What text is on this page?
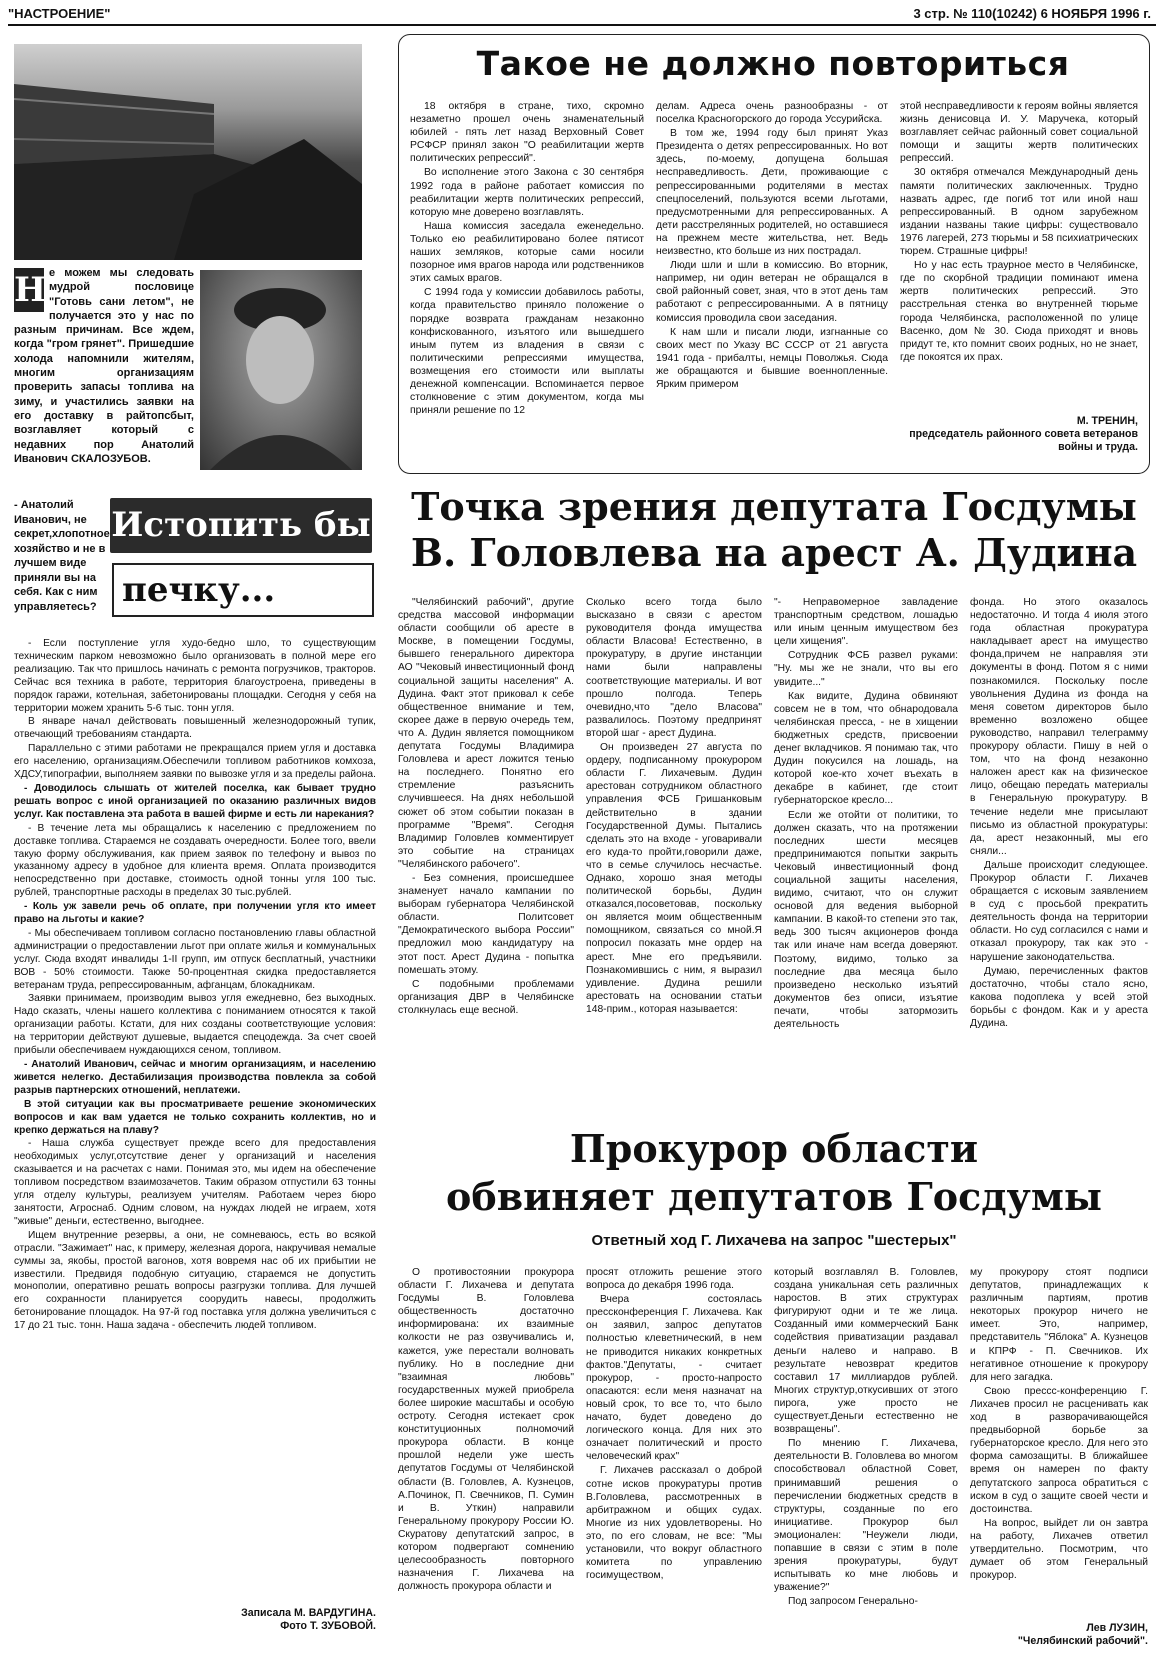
"НАСТРОЕНИЕ"	3 стр. № 110(10242) 6 НОЯБРЯ 1996 г.
Н е можем мы следовать мудрой пословице "Готовь сани летом", не получается это у нас по разным причинам. Все ждем, когда "гром грянет". Пришедшие холода напомнили жителям, многим организациям проверить запасы топлива на зиму, и участились заявки на его доставку в райтопсбыт, возглавляет который с недавних пор Анатолий Иванович СКАЛОЗУБОВ.
- Анатолий Иванович, не секрет,хлопотное хозяйство и не в лучшем виде приняли вы на себя. Как с ним управляетесь?
Истопить бы
печку...

- Если поступление угля худо-бедно шло, то существующим техническим парком невозможно было организовать в полной мере его реализацию. Так что пришлось начинать с ремонта погрузчиков, тракторов. Сейчас вся техника в работе, территория благоустроена, приведены в порядок гаражи, котельная, забетонированы площадки. Сегодня у себя на территории можем хранить 5-6 тыс. тонн угля.

В январе начал действовать повышенный железнодорожный тупик, отвечающий требованиям стандарта.

Параллельно с этими работами не прекращался прием угля и доставка его населению, организациям.Обеспечили топливом работников комхоза, ХДСУ,типографии, выполняем заявки по вывозке угля и за пределы района.

- Доводилось слышать от жителей поселка, как бывает трудно решать вопрос с иной организацией по оказанию различных видов услуг. Как поставлена эта работа в вашей фирме и есть ли нарекания?

- В течение лета мы обращались к населению с предложением по доставке топлива. Стараемся не создавать очередности. Более того, ввели такую форму обслуживания, как прием заявок по телефону и вывоз по указанному адресу в удобное для клиента время. Оплата производится непосредственно при доставке, стоимость одной тонны угля 100 тыс. рублей, транспортные расходы в пределах 30 тыс.рублей.

- Коль уж завели речь об оплате, при получении угля кто имеет право на льготы и какие?

- Мы обеспечиваем топливом согласно постановлению главы областной администрации о предоставлении льгот при оплате жилья и коммунальных услуг. Сюда входят инвалиды 1-II групп, им отпуск бесплатный, участники ВОВ - 50% стоимости. Также 50-процентная скидка предоставляется ветеранам труда, репрессированным, афганцам, блокадникам.

Заявки принимаем, производим вывоз угля ежедневно, без выходных. Надо сказать, члены нашего коллектива с пониманием относятся к такой организации работы. Кстати, для них созданы соответствующие условия: на территории действуют душевые, выдается спецодежда. За счет своей прибыли обеспечиваем нуждающихся сеном, топливом.

- Анатолий Иванович, сейчас и многим организациям, и населению живется нелегко. Дестабилизация производства повлекла за собой разрыв партнерских отношений, неплатежи.

В этой ситуации как вы просматриваете решение экономических вопросов и как вам удается не только сохранить коллектив, но и крепко держаться на плаву?

- Наша служба существует прежде всего для предоставления необходимых услуг,отсутствие денег у организаций и населения сказывается и на расчетах с нами. Понимая это, мы идем на обеспечение топливом посредством взаимозачетов. Таким образом отпустили 63 тонны угля отделу культуры, реализуем учителям. Работаем через бюро занятости, Агроснаб. Одним словом, на нуждах людей не играем, хотя "живые" деньги, естественно, выгоднее.

Ищем внутренние резервы, а они, не сомневаюсь, есть во всякой отрасли. "Зажимает" нас, к примеру, железная дорога, накручивая немалые суммы за, якобы, простой вагонов, хотя вовремя нас об их прибытии не известили. Предвидя подобную ситуацию, стараемся не допустить монополии, оперативно решать вопросы разгрузки топлива. Для лучшей его сохранности планируется соорудить навесы, продолжить бетонирование площадок. На 97-й год поставка угля должна увеличиться с 17 до 21 тыс. тонн. Наша задача - обеспечить людей топливом.

Записала М. ВАРДУГИНА.
Фото Т. ЗУБОВОЙ.
Такое не должно повториться

18 октября в стране, тихо, скромно незаметно прошел очень знаменательный юбилей - пять лет назад Верховный Совет РСФСР принял закон "О реабилитации жертв политических репрессий".

Во исполнение этого Закона с 30 сентября 1992 года в районе работает комиссия по реабилитации жертв политических репрессий, которую мне доверено возглавлять.

Наша комиссия заседала еженедельно. Только ею реабилитировано более пятисот наших земляков, которые сами носили позорное имя врагов народа или родственников этих самых врагов.

С 1994 года у комиссии добавилось работы, когда правительство приняло положение о порядке возврата гражданам незаконно конфискованного, изъятого или вышедшего иным путем из владения в связи с политическими репрессиями имущества, возмещения его стоимости или выплаты денежной компенсации. Вспоминается первое столкновение с этим документом, когда мы приняли решение по 12

делам. Адреса очень разнообразны - от поселка Красногорского до города Уссурийска.

В том же, 1994 году был принят Указ Президента о детях репрессированных. Но вот здесь, по-моему, допущена большая несправедливость. Дети, проживающие с репрессированными родителями в местах спецпоселений, пользуются всеми льготами, предусмотренными для репрессированных. А дети расстрелянных родителей, но оставшиеся на прежнем месте жительства, нет. Ведь неизвестно, кто больше из них пострадал.

Люди шли и шли в комиссию. Во вторник, например, ни один ветеран не обращался в свой районный совет, зная, что в этот день там работают с репрессированными. А в пятницу комиссия проводила свои заседания.

К нам шли и писали люди, изгнанные со своих мест по Указу ВС СССР от 21 августа 1941 года - прибалты, немцы Поволжья. Сюда же обращаются и бывшие военнопленные. Ярким примером

этой несправедливости к героям войны является жизнь денисовца И. У. Маручека, который возглавляет сейчас районный совет социальной помощи и защиты жертв политических репрессий.

30 октября отмечался Международный день памяти политических заключенных. Трудно назвать адрес, где погиб тот или иной наш репрессированный. В одном зарубежном издании названы такие цифры: существовало 1976 лагерей, 273 тюрьмы и 58 психиатрических тюрем. Страшные цифры!

Но у нас есть траурное место в Челябинске, где по скорбной традиции поминают имена жертв политических репрессий. Это расстрельная стенка во внутренней тюрьме города Челябинска, расположенной по улице Васенко, дом № 30. Сюда приходят и вновь придут те, кто помнит своих родных, но не знает, где покоятся их прах.

М. ТРЕНИН,
председатель районного совета ветеранов войны и труда.
Точка зрения депутата Госдумы
В. Головлева на арест А. Дудина

"Челябинский рабочий", другие средства массовой информации области сообщили об аресте в Москве, в помещении Госдумы, бывшего генерального директора АО "Чековый инвестиционный фонд социальной защиты населения" А. Дудина. Факт этот приковал к себе общественное внимание и тем, скорее даже в первую очередь тем, что А. Дудин является помощником депутата Госдумы Владимира Головлева и арест ложится тенью на последнего. Понятно его стремление разъяснить случившееся. На днях небольшой сюжет об этом событии показан в программе "Время". Сегодня Владимир Головлев комментирует это событие на страницах "Челябинского рабочего".

- Без сомнения, происшедшее знаменует начало кампании по выборам губернатора Челябинской области. Политсовет "Демократического выбора России" предложил мою кандидатуру на этот пост. Арест Дудина - попытка помешать этому.

С подобными проблемами организация ДВР в Челябинске столкнулась еще весной.

Сколько всего тогда было высказано в связи с арестом руководителя фонда имущества области Власова! Естественно, в прокуратуру, в другие инстанции нами были направлены соответствующие материалы. И вот прошло полгода. Теперь очевидно,что "дело Власова" развалилось. Поэтому предпринят второй шаг - арест Дудина.

Он произведен 27 августа по ордеру, подписанному прокурором области Г. Лихачевым. Дудин арестован сотрудником областного управления ФСБ Гришанковым действительно в здании Государственной Думы. Пытались сделать это на входе - уговаривали его куда-то пройти,говорили даже, что в семье случилось несчастье. Однако, хорошо зная методы политической борьбы, Дудин отказался,посоветовав, поскольку он является моим общественным помощником, связаться со мной.Я попросил показать мне ордер на арест. Мне его предъявили. Познакомившись с ним, я выразил удивление. Дудина решили арестовать на основании статьи 148-прим., которая называется:

"- Неправомерное завладение транспортным средством, лошадью или иным ценным имуществом без цели хищения".

Сотрудник ФСБ развел руками: "Ну. мы же не знали, что вы его увидите..."

Как видите, Дудина обвиняют совсем не в том, что обнародовала челябинская пресса, - не в хищении бюджетных средств, присвоении денег вкладчиков. Я понимаю так, что Дудин покусился на лошадь, на которой кое-кто хочет въехать в декабре в кабинет, где стоит губернаторское кресло...

Если же отойти от политики, то должен сказать, что на протяжении последних шести месяцев предпринимаются попытки закрыть Чековый инвестиционный фонд социальной защиты населения, видимо, считают, что он служит основой для ведения выборной кампании. В какой-то степени это так, ведь 300 тысяч акционеров фонда так или иначе нам всегда доверяют. Поэтому, видимо, только за последние два месяца было произведено несколько изъятий документов без описи, изъятие печати, чтобы затормозить деятельность

фонда. Но этого оказалось недостаточно. И тогда 4 июля этого года областная прокуратура накладывает арест на имущество фонда,причем не направляя эти документы в фонд. Потом я с ними познакомился. Поскольку после увольнения Дудина из фонда на меня советом директоров было временно возложено общее руководство, направил телеграмму прокурору области. Пишу в ней о том, что на фонд незаконно наложен арест как на физическое лицо, обещаю передать материалы в Генеральную прокуратуру. В течение недели мне присылают письмо из областной прокуратуры: да, арест незаконный, мы его сняли...

Дальше происходит следующее. Прокурор области Г. Лихачев обращается с исковым заявлением в суд с просьбой прекратить деятельность фонда на территории области. Но суд согласился с нами и отказал прокурору, так как это - нарушение законодательства.

Думаю, перечисленных фактов достаточно, чтобы стало ясно, какова подоплека у всей этой борьбы с фондом. Как и у ареста Дудина.

Прокурор области
обвиняет депутатов Госдумы
Ответный ход Г. Лихачева на запрос "шестерых"

О противостоянии прокурора области Г. Лихачева и депутата Госдумы В. Головлева общественность достаточно информирована: их взаимные колкости не раз озвучивались и, кажется, уже перестали волновать публику. Но в последние дни "взаимная любовь" государственных мужей приобрела более широкие масштабы и особую остроту. Сегодня истекает срок конституционных полномочий прокурора области. В конце прошлой недели уже шесть депутатов Госдумы от Челябинской области (В. Головлев, А. Кузнецов, А.Починок, П. Свечников, П. Сумин и В. Уткин) направили Генеральному прокурору России Ю. Скуратову депутатский запрос, в котором подвергают сомнению целесообразность повторного назначения Г. Лихачева на должность прокурора области и

просят отложить решение этого вопроса до декабря 1996 года.

Вчера состоялась прессконференция Г. Лихачева. Как он заявил, запрос депутатов полностью клеветнический, в нем не приводится никаких конкретных фактов."Депутаты, - считает прокурор, - просто-напросто опасаются: если меня назначат на новый срок, то все то, что было начато, будет доведено до логического конца. Для них это означает политический и просто человеческий крах"

Г. Лихачев рассказал о доброй сотне исков прокуратуры против В.Головлева, рассмотренных в арбитражном и общих судах. Многие из них удовлетворены. Но это, по его словам, не все: "Мы установили, что вокруг областного комитета по управлению госимуществом,

который возглавлял В. Головлев, создана уникальная сеть различных наростов. В этих структурах фигурируют одни и те же лица. Созданный ими коммерческий Банк содействия приватизации раздавал деньги налево и направо. В результате невозврат кредитов составил 17 миллиардов рублей. Многих структур,откусивших от этого пирога, уже просто не существует.Деньги естественно не возвращены".

По мнению Г. Лихачева, деятельности В. Головлева во многом способствовал областной Совет, принимавший решения о перечислении бюджетных средств в структуры, созданные по его инициативе. Прокурор был эмоционален: "Неужели люди, попавшие в связи с этим в поле зрения прокуратуры, будут испытывать ко мне любовь и уважение?"

Под запросом Генерально-

му прокурору стоят подписи депутатов, принадлежащих к различным партиям, против некоторых прокурор ничего не имеет. Это, например, представитель "Яблока" А. Кузнецов и КПРФ - П. Свечников. Их негативное отношение к прокурору для него загадка.

Свою прессс-конференцию Г. Лихачев просил не расценивать как ход в разворачивающейся предвыборной борьбе за губернаторское кресло. Для него это форма самозащиты. В ближайшее время он намерен по факту депутатского запроса обратиться с иском в суд о защите своей чести и достоинства.

На вопрос, выйдет ли он завтра на работу, Лихачев ответил утвердительно. Посмотрим, что думает об этом Генеральный прокурор.

Лев ЛУЗИН,
"Челябинский рабочий".
